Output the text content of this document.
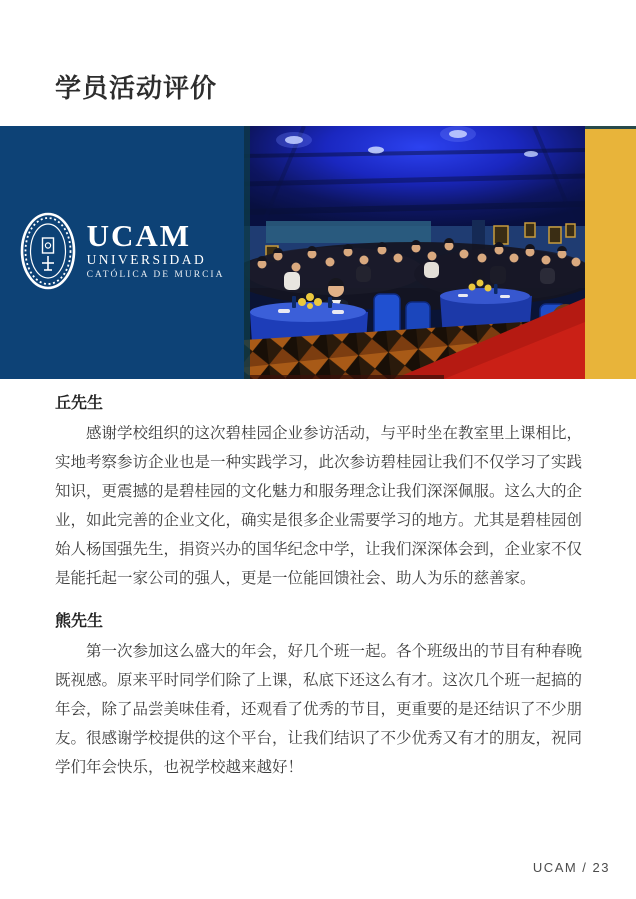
学员活动评价
UCAM
UNIVERSIDAD
CATÓLICA DE MURCIA
丘先生

感谢学校组织的这次碧桂园企业参访活动，与平时坐在教室里上课相比，实地考察参访企业也是一种实践学习，此次参访碧桂园让我们不仅学习了实践知识，更震撼的是碧桂园的文化魅力和服务理念让我们深深佩服。这么大的企业，如此完善的企业文化，确实是很多企业需要学习的地方。尤其是碧桂园创始人杨国强先生，捐资兴办的国华纪念中学，让我们深深体会到，企业家不仅是能托起一家公司的强人，更是一位能回馈社会、助人为乐的慈善家。

熊先生

第一次参加这么盛大的年会，好几个班一起。各个班级出的节目有种春晚既视感。原来平时同学们除了上课，私底下还这么有才。这次几个班一起搞的年会，除了品尝美味佳肴，还观看了优秀的节目，更重要的是还结识了不少朋友。很感谢学校提供的这个平台，让我们结识了不少优秀又有才的朋友，祝同学们年会快乐，也祝学校越来越好！

UCAM / 23
